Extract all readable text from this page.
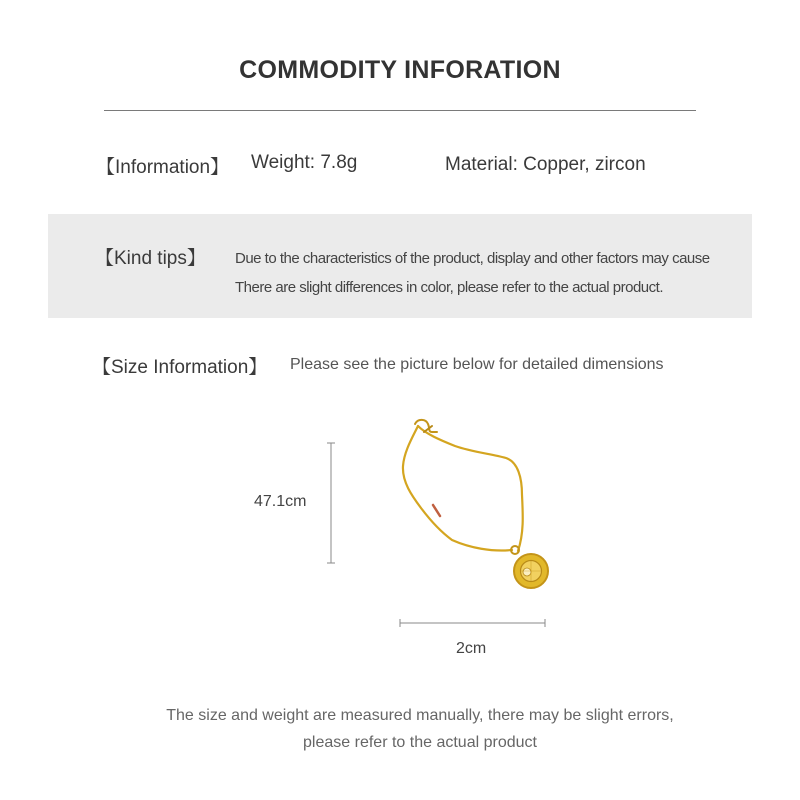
COMMODITY INFORATION
【Information】 Weight: 7.8g	Material: Copper, zircon
【Kind tips】 Due to the characteristics of the product, display and other factors may cause
There are slight differences in color, please refer to the actual product.
【Size Information】 Please see the picture below for detailed dimensions
47.1cm
2cm
The size and weight are measured manually, there may be slight errors,
please refer to the actual product
